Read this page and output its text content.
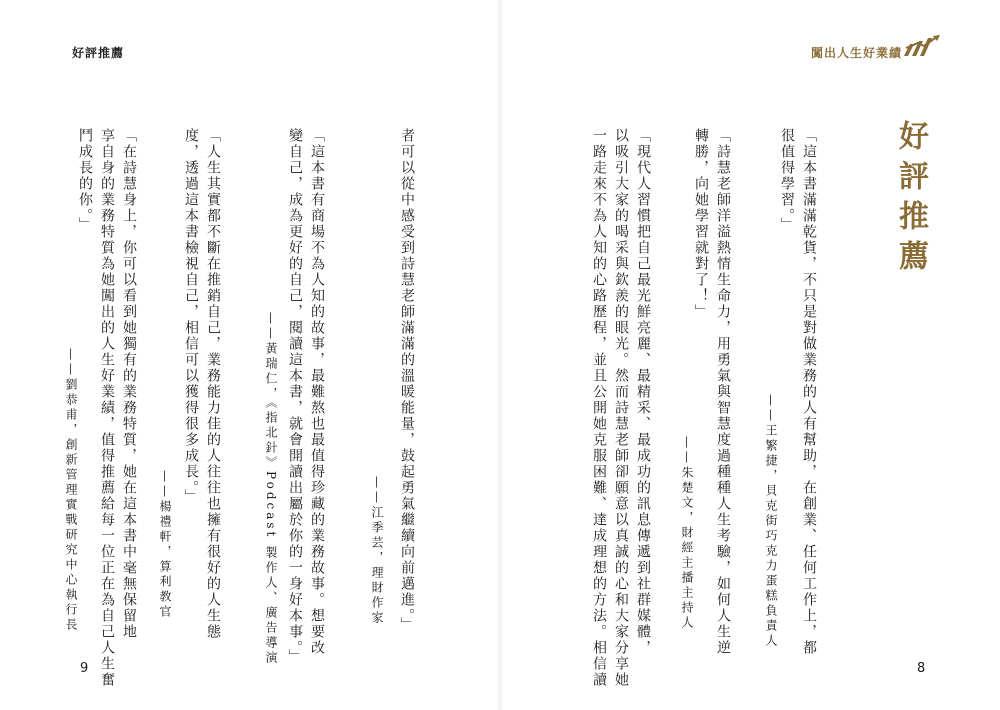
好評推薦
者可以從中感受到詩慧老師滿滿的溫暖能量，鼓起勇氣繼續向前邁進。」
——江季芸，理財作家
「這本書有商場不為人知的故事，最難熬也最值得珍藏的業務故事。想要改
變自己，成為更好的自己，閱讀這本書，就會開讀出屬於你的一身好本事。」
——黃瑞仁，《指北針》Podcast 製作人、廣告導演
「人生其實都不斷在推銷自己，業務能力佳的人往往也擁有很好的人生態
度，透過這本書檢視自己，相信可以獲得很多成長。」
——楊禮軒，算利教官
「在詩慧身上，你可以看到她獨有的業務特質，她在這本書中毫無保留地
享自身的業務特質為她闖出的人生好業績，值得推薦給每一位正在為自己人生奮
鬥成長的你。」
——劉恭甫，創新管理實戰研究中心執行長
9
闖出人生好業績
好評推薦
「這本書滿滿乾貨，不只是對做業務的人有幫助，在創業、任何工作上，都
很值得學習。」
——王繁捷，貝克街巧克力蛋糕負責人
「詩慧老師洋溢熱情生命力，用勇氣與智慧度過種種人生考驗，如何人生逆
轉勝，向她學習就對了！」
——朱楚文，財經主播主持人
「現代人習慣把自己最光鮮亮麗、最精采、最成功的訊息傳遞到社群媒體，
以吸引大家的喝采與欽羨的眼光。然而詩慧老師卻願意以真誠的心和大家分享她
一路走來不為人知的心路歷程，並且公開她克服困難、達成理想的方法。相信讀	8
